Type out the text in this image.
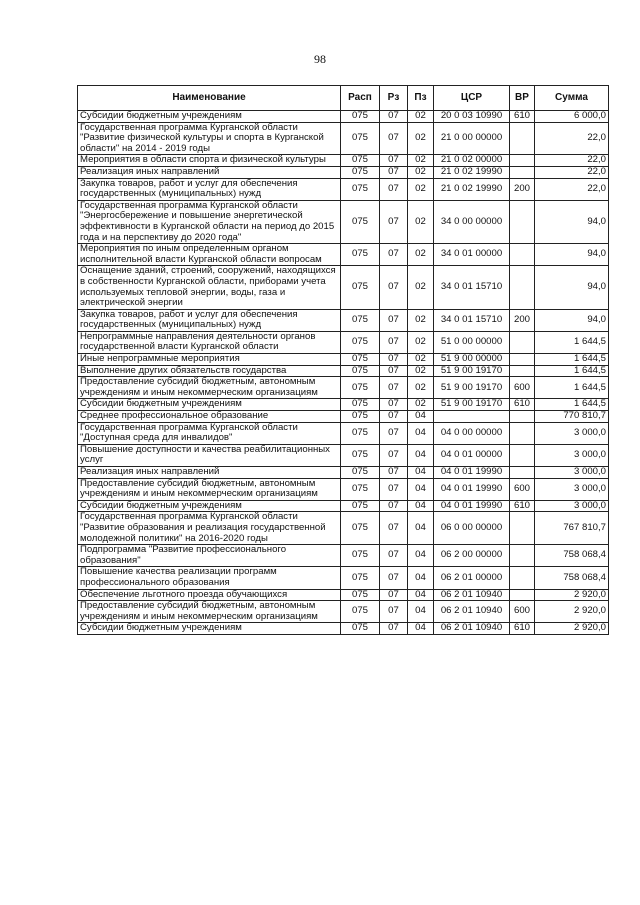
98
Наименование	Расп	Рз	Пз	ЦСР	ВР	Сумма
Субсидии бюджетным учреждениям	075	07	02	20 0 03 10990	610	6 000,0
Государственная программа Курганской области "Развитие физической культуры и спорта в Курганской области" на 2014 - 2019 годы	075	07	02	21 0 00 00000		22,0
Мероприятия в области спорта и физической культуры	075	07	02	21 0 02 00000		22,0
Реализация иных направлений	075	07	02	21 0 02 19990		22,0
Закупка товаров, работ и услуг для обеспечения государственных (муниципальных) нужд	075	07	02	21 0 02 19990	200	22,0
Государственная программа Курганской области "Энергосбережение и повышение энергетической эффективности в Курганской области на период до 2015 года и на перспективу до 2020 года"	075	07	02	34 0 00 00000		94,0
Мероприятия по иным определенным органом исполнительной власти Курганской области вопросам	075	07	02	34 0 01 00000		94,0
Оснащение зданий, строений, сооружений, находящихся в собственности Курганской области, приборами учета используемых тепловой энергии, воды, газа и электрической энергии	075	07	02	34 0 01 15710		94,0
Закупка товаров, работ и услуг для обеспечения государственных (муниципальных) нужд	075	07	02	34 0 01 15710	200	94,0
Непрограммные направления деятельности органов государственной власти Курганской области	075	07	02	51 0 00 00000		1 644,5
Иные непрограммные мероприятия	075	07	02	51 9 00 00000		1 644,5
Выполнение других обязательств государства	075	07	02	51 9 00 19170		1 644,5
Предоставление субсидий бюджетным, автономным учреждениям и иным некоммерческим организациям	075	07	02	51 9 00 19170	600	1 644,5
Субсидии бюджетным учреждениям	075	07	02	51 9 00 19170	610	1 644,5
Среднее профессиональное образование	075	07	04			770 810,7
Государственная программа Курганской области "Доступная среда для инвалидов"	075	07	04	04 0 00 00000		3 000,0
Повышение доступности и качества реабилитационных услуг	075	07	04	04 0 01 00000		3 000,0
Реализация иных направлений	075	07	04	04 0 01 19990		3 000,0
Предоставление субсидий бюджетным, автономным учреждениям и иным некоммерческим организациям	075	07	04	04 0 01 19990	600	3 000,0
Субсидии бюджетным учреждениям	075	07	04	04 0 01 19990	610	3 000,0
Государственная программа Курганской области "Развитие образования и реализация государственной молодежной политики" на 2016-2020 годы	075	07	04	06 0 00 00000		767 810,7
Подпрограмма "Развитие профессионального образования"	075	07	04	06 2 00 00000		758 068,4
Повышение качества реализации программ профессионального образования	075	07	04	06 2 01 00000		758 068,4
Обеспечение льготного проезда обучающихся	075	07	04	06 2 01 10940		2 920,0
Предоставление субсидий бюджетным, автономным учреждениям и иным некоммерческим организациям	075	07	04	06 2 01 10940	600	2 920,0
Субсидии бюджетным учреждениям	075	07	04	06 2 01 10940	610	2 920,0
